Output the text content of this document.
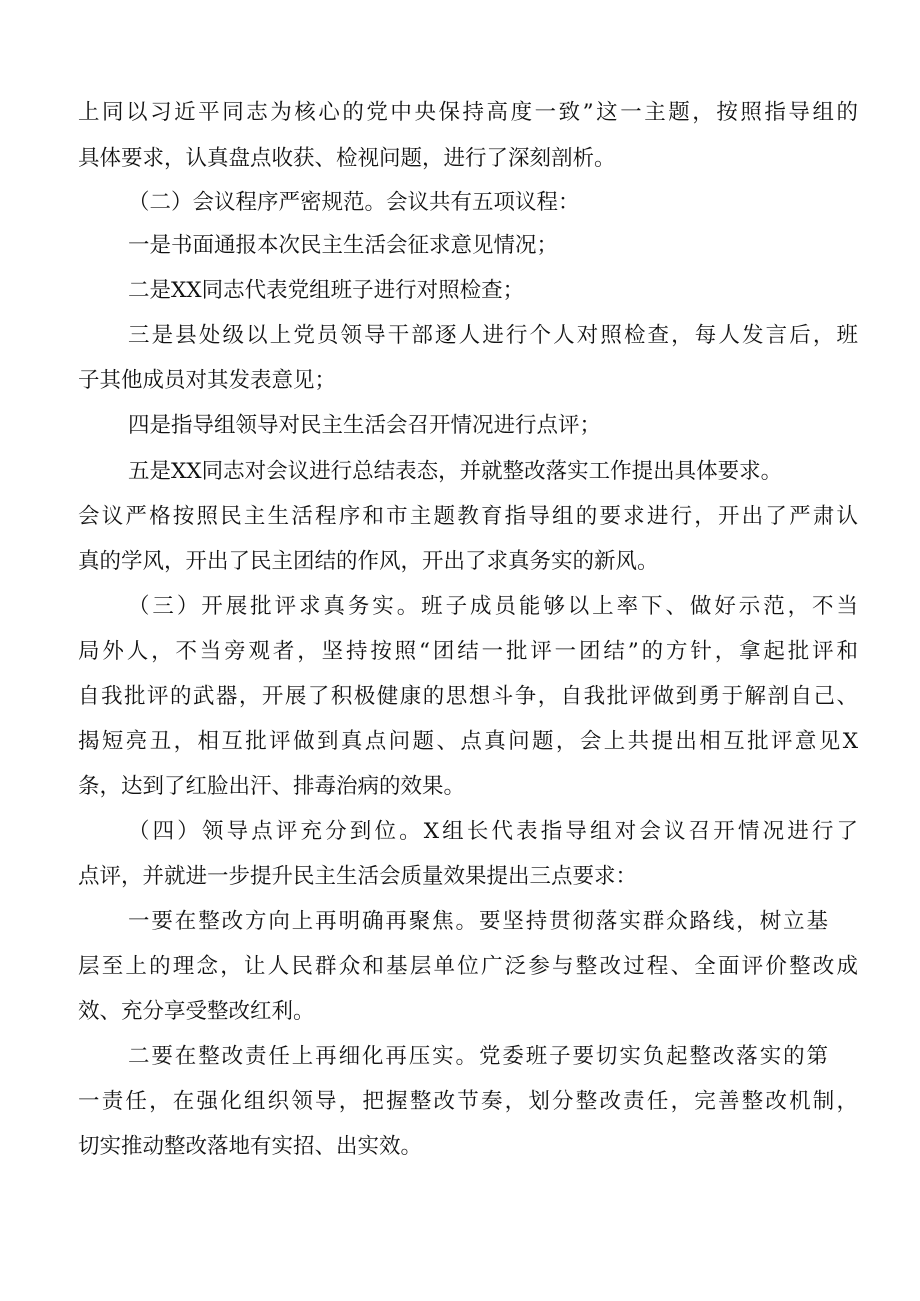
上同以习近平同志为核心的党中央保持高度一致”这一主题，按照指导组的
具体要求，认真盘点收获、检视问题，进行了深刻剖析。
（二）会议程序严密规范。会议共有五项议程：
一是书面通报本次民主生活会征求意见情况；
二是XX同志代表党组班子进行对照检查；
三是县处级以上党员领导干部逐人进行个人对照检查，每人发言后，班
子其他成员对其发表意见；
四是指导组领导对民主生活会召开情况进行点评；
五是XX同志对会议进行总结表态，并就整改落实工作提出具体要求。
会议严格按照民主生活程序和市主题教育指导组的要求进行，开出了严肃认
真的学风，开出了民主团结的作风，开出了求真务实的新风。
（三）开展批评求真务实。班子成员能够以上率下、做好示范，不当
局外人，不当旁观者，坚持按照“团结一批评一团结”的方针，拿起批评和
自我批评的武器，开展了积极健康的思想斗争，自我批评做到勇于解剖自己、
揭短亮丑，相互批评做到真点问题、点真问题，会上共提出相互批评意见X
条，达到了红脸出汗、排毒治病的效果。
（四）领导点评充分到位。X组长代表指导组对会议召开情况进行了
点评，并就进一步提升民主生活会质量效果提出三点要求：
一要在整改方向上再明确再聚焦。要坚持贯彻落实群众路线，树立基
层至上的理念，让人民群众和基层单位广泛参与整改过程、全面评价整改成
效、充分享受整改红利。
二要在整改责任上再细化再压实。党委班子要切实负起整改落实的第
一责任，在强化组织领导，把握整改节奏，划分整改责任，完善整改机制，
切实推动整改落地有实招、出实效。
